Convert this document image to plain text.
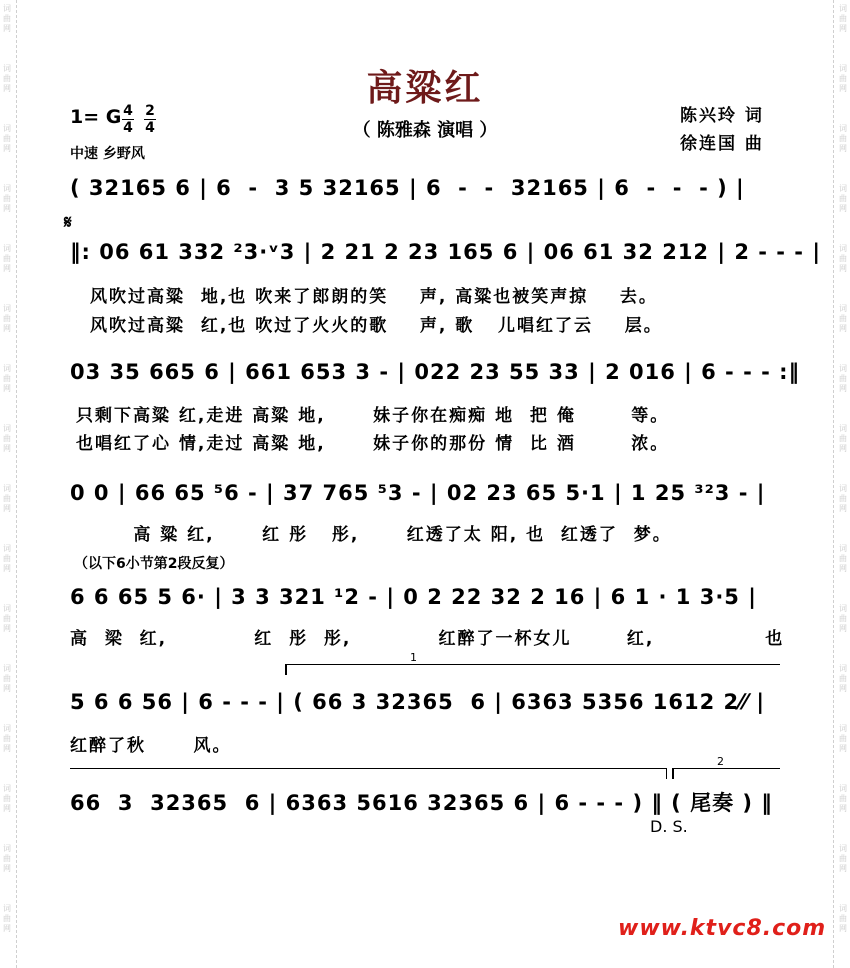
词
曲
网
词
曲
网
词
曲
网
词
曲
网
词
曲
网
词
曲
网
词
曲
网
词
曲
网
词
曲
网
词
曲
网
词
曲
网
词
曲
网
词
曲
网
词
曲
网
词
曲
网
词
曲
网
词
曲
网
词
曲
网
词
曲
网
词
曲
网
词
曲
网
词
曲
网
词
曲
网
词
曲
网
词
曲
网
词
曲
网
词
曲
网
词
曲
网
词
曲
网
词
曲
网
词
曲
网
词
曲
网
高粱红
（ 陈雅森 演唱 ）
1= G 4
4
2
4
中速 乡野风
陈兴玲 词
徐连国 曲
( 32165 6 | 6  -  3 5 32165 | 6  -  -  32165 | 6  -  -  - ) |
𝄋
‖: 06 61 332 ²3·ᵛ3 | 2 21 2 23 165 6 | 06 61 32 212 | 2 - - - |
风吹过高粱  地,也 吹来了郎朗的笑    声, 高粱也被笑声掠    去。
风吹过高粱  红,也 吹过了火火的歌    声, 歌   儿唱红了云    层。
03 35 665 6 | 661 653 3 - | 022 23 55 33 | 2 016 | 6 - - - :‖
只剩下高粱 红,走进 高粱 地,      妹子你在痴痴 地  把 俺       等。
也唱红了心 情,走过 高粱 地,      妹子你的那份 情  比 酒       浓。
0 0 | 66 65 ⁵6 - | 37 765 ⁵3 - | 02 23 65 5·1 | 1 25 ³²3 - |
高 粱 红,      红 彤   彤,      红透了太 阳, 也  红透了  梦。
（以下6小节第2段反复）
6 6 65 5 6· | 3 3 321 ¹2 - | 0 2 22 32 2 16 | 6 1 · 1 3·5 |
高  梁  红,           红  彤  彤,           红醉了一杯女儿       红,              也
1
5 6 6 56 | 6 - - - | ( 66 3 32365  6 | 6363 5356 1612 2⁄⁄ |
红醉了秋      风。
2
66  3  32365  6 | 6363 5616 32365 6 | 6 - - - ) ‖ ( 尾奏 ) ‖
D. S.
www.ktvc8.com
